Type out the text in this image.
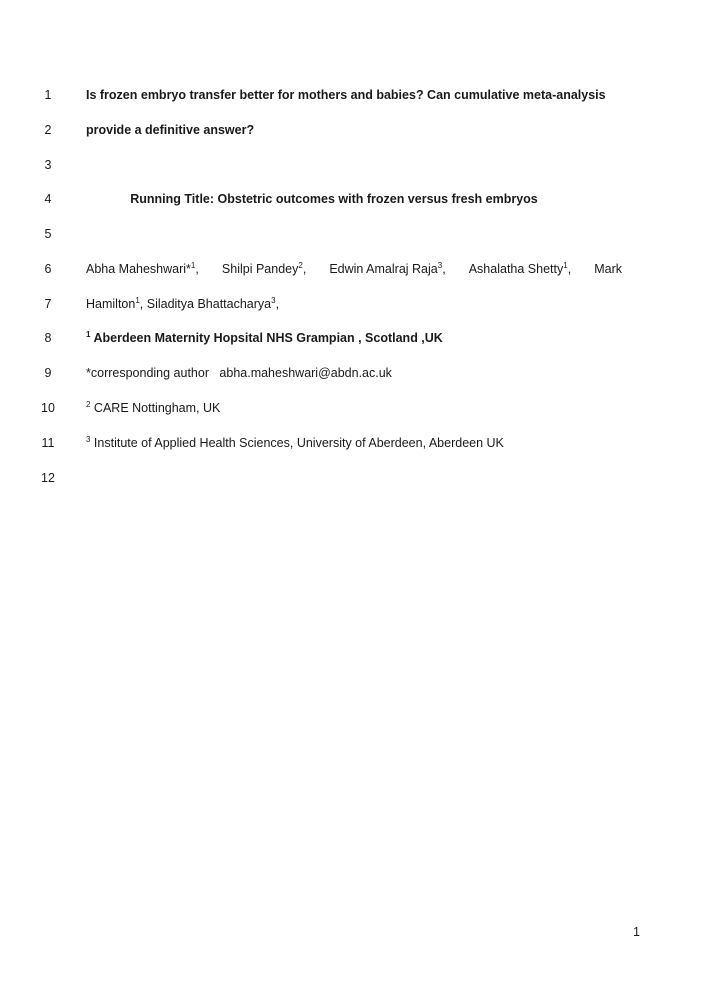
1	Is frozen embryo transfer better for mothers and babies? Can cumulative meta-analysis
2	provide a definitive answer?
3
4	Running Title: Obstetric outcomes with frozen versus fresh embryos
5
6	Abha Maheshwari*$^1$, Shilpi Pandey$^2$, Edwin Amalraj Raja$^3$, Ashalatha Shetty$^1$, Mark
7	Hamilton$^1$, Siladitya Bhattacharya$^3$,
8	$^1$ Aberdeen Maternity Hopsital NHS Grampian , Scotland ,UK
9	*corresponding author   abha.maheshwari@abdn.ac.uk
10	$^2$ CARE Nottingham, UK
11	$^3$ Institute of Applied Health Sciences, University of Aberdeen, Aberdeen UK
12
1
